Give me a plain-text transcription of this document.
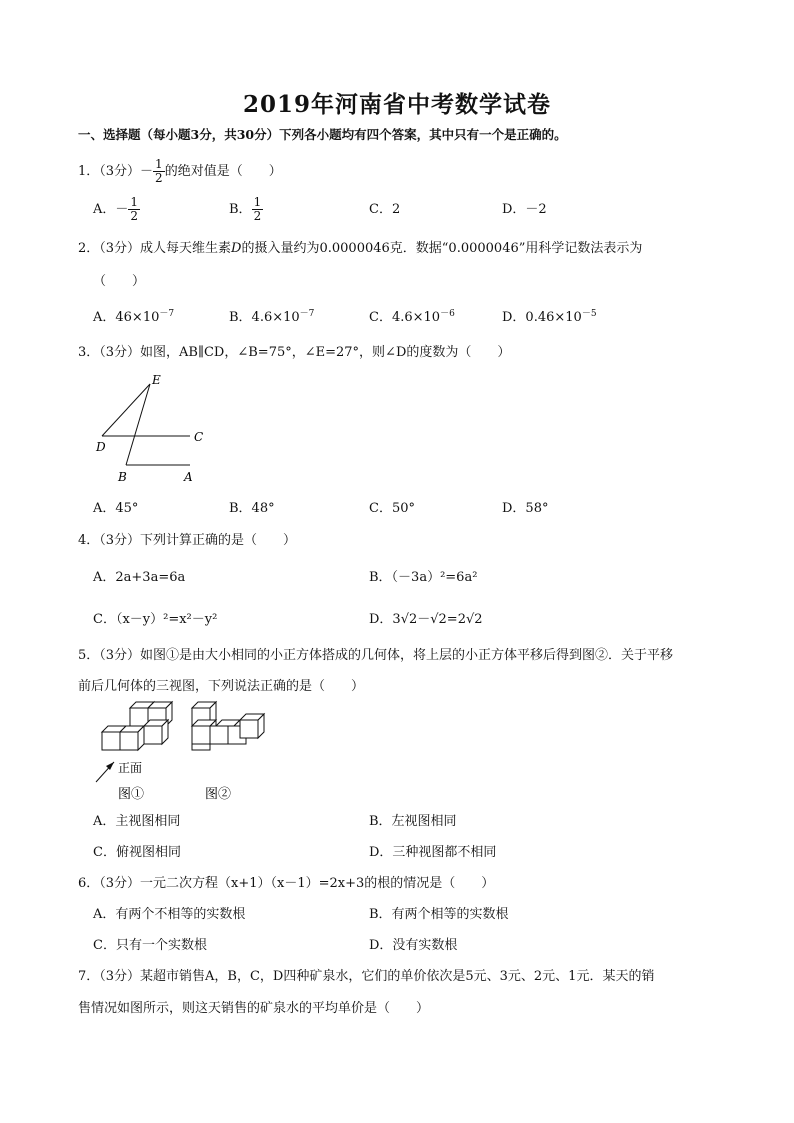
2019年河南省中考数学试卷
一、选择题（每小题3分，共30分）下列各小题均有四个答案，其中只有一个是正确的。
1．（3分）－ $\frac{1}{2}$ 的绝对值是（　　）
A．－ $\frac{1}{2}$	B． $\frac{1}{2}$	C．2	D．－2
2．（3分）成人每天维生素D的摄入量约为0.0000046克．数据“0.0000046”用科学记数法表示为
（　　）
A．$46\times 10^{-7}$	B．$4.6\times 10^{-7}$	C．$4.6\times 10^{-6}$	D．$0.46\times 10^{-5}$
3．（3分）如图，AB∥CD，∠B=75°，∠E=27°，则∠D的度数为（　　）
E
D
C
B	A
A．45°	B．48°	C．50°	D．58°
4．（3分）下列计算正确的是（　　）
A．2a+3a=6a	B．（－3a）²=6a²
C．（x－y）²=x²－y²	D．3√2－√2=2√2
5．（3分）如图①是由大小相同的小正方体搭成的几何体，将上层的小正方体平移后得到图②．关于平移
前后几何体的三视图，下列说法正确的是（　　）
正面
图①	图②
A．主视图相同	B．左视图相同
C．俯视图相同	D．三种视图都不相同
6．（3分）一元二次方程（x+1）（x－1）=2x+3的根的情况是（　　）
A．有两个不相等的实数根	B．有两个相等的实数根
C．只有一个实数根	D．没有实数根
7．（3分）某超市销售A，B，C，D四种矿泉水，它们的单价依次是5元、3元、2元、1元．某天的销
售情况如图所示，则这天销售的矿泉水的平均单价是（　　）
